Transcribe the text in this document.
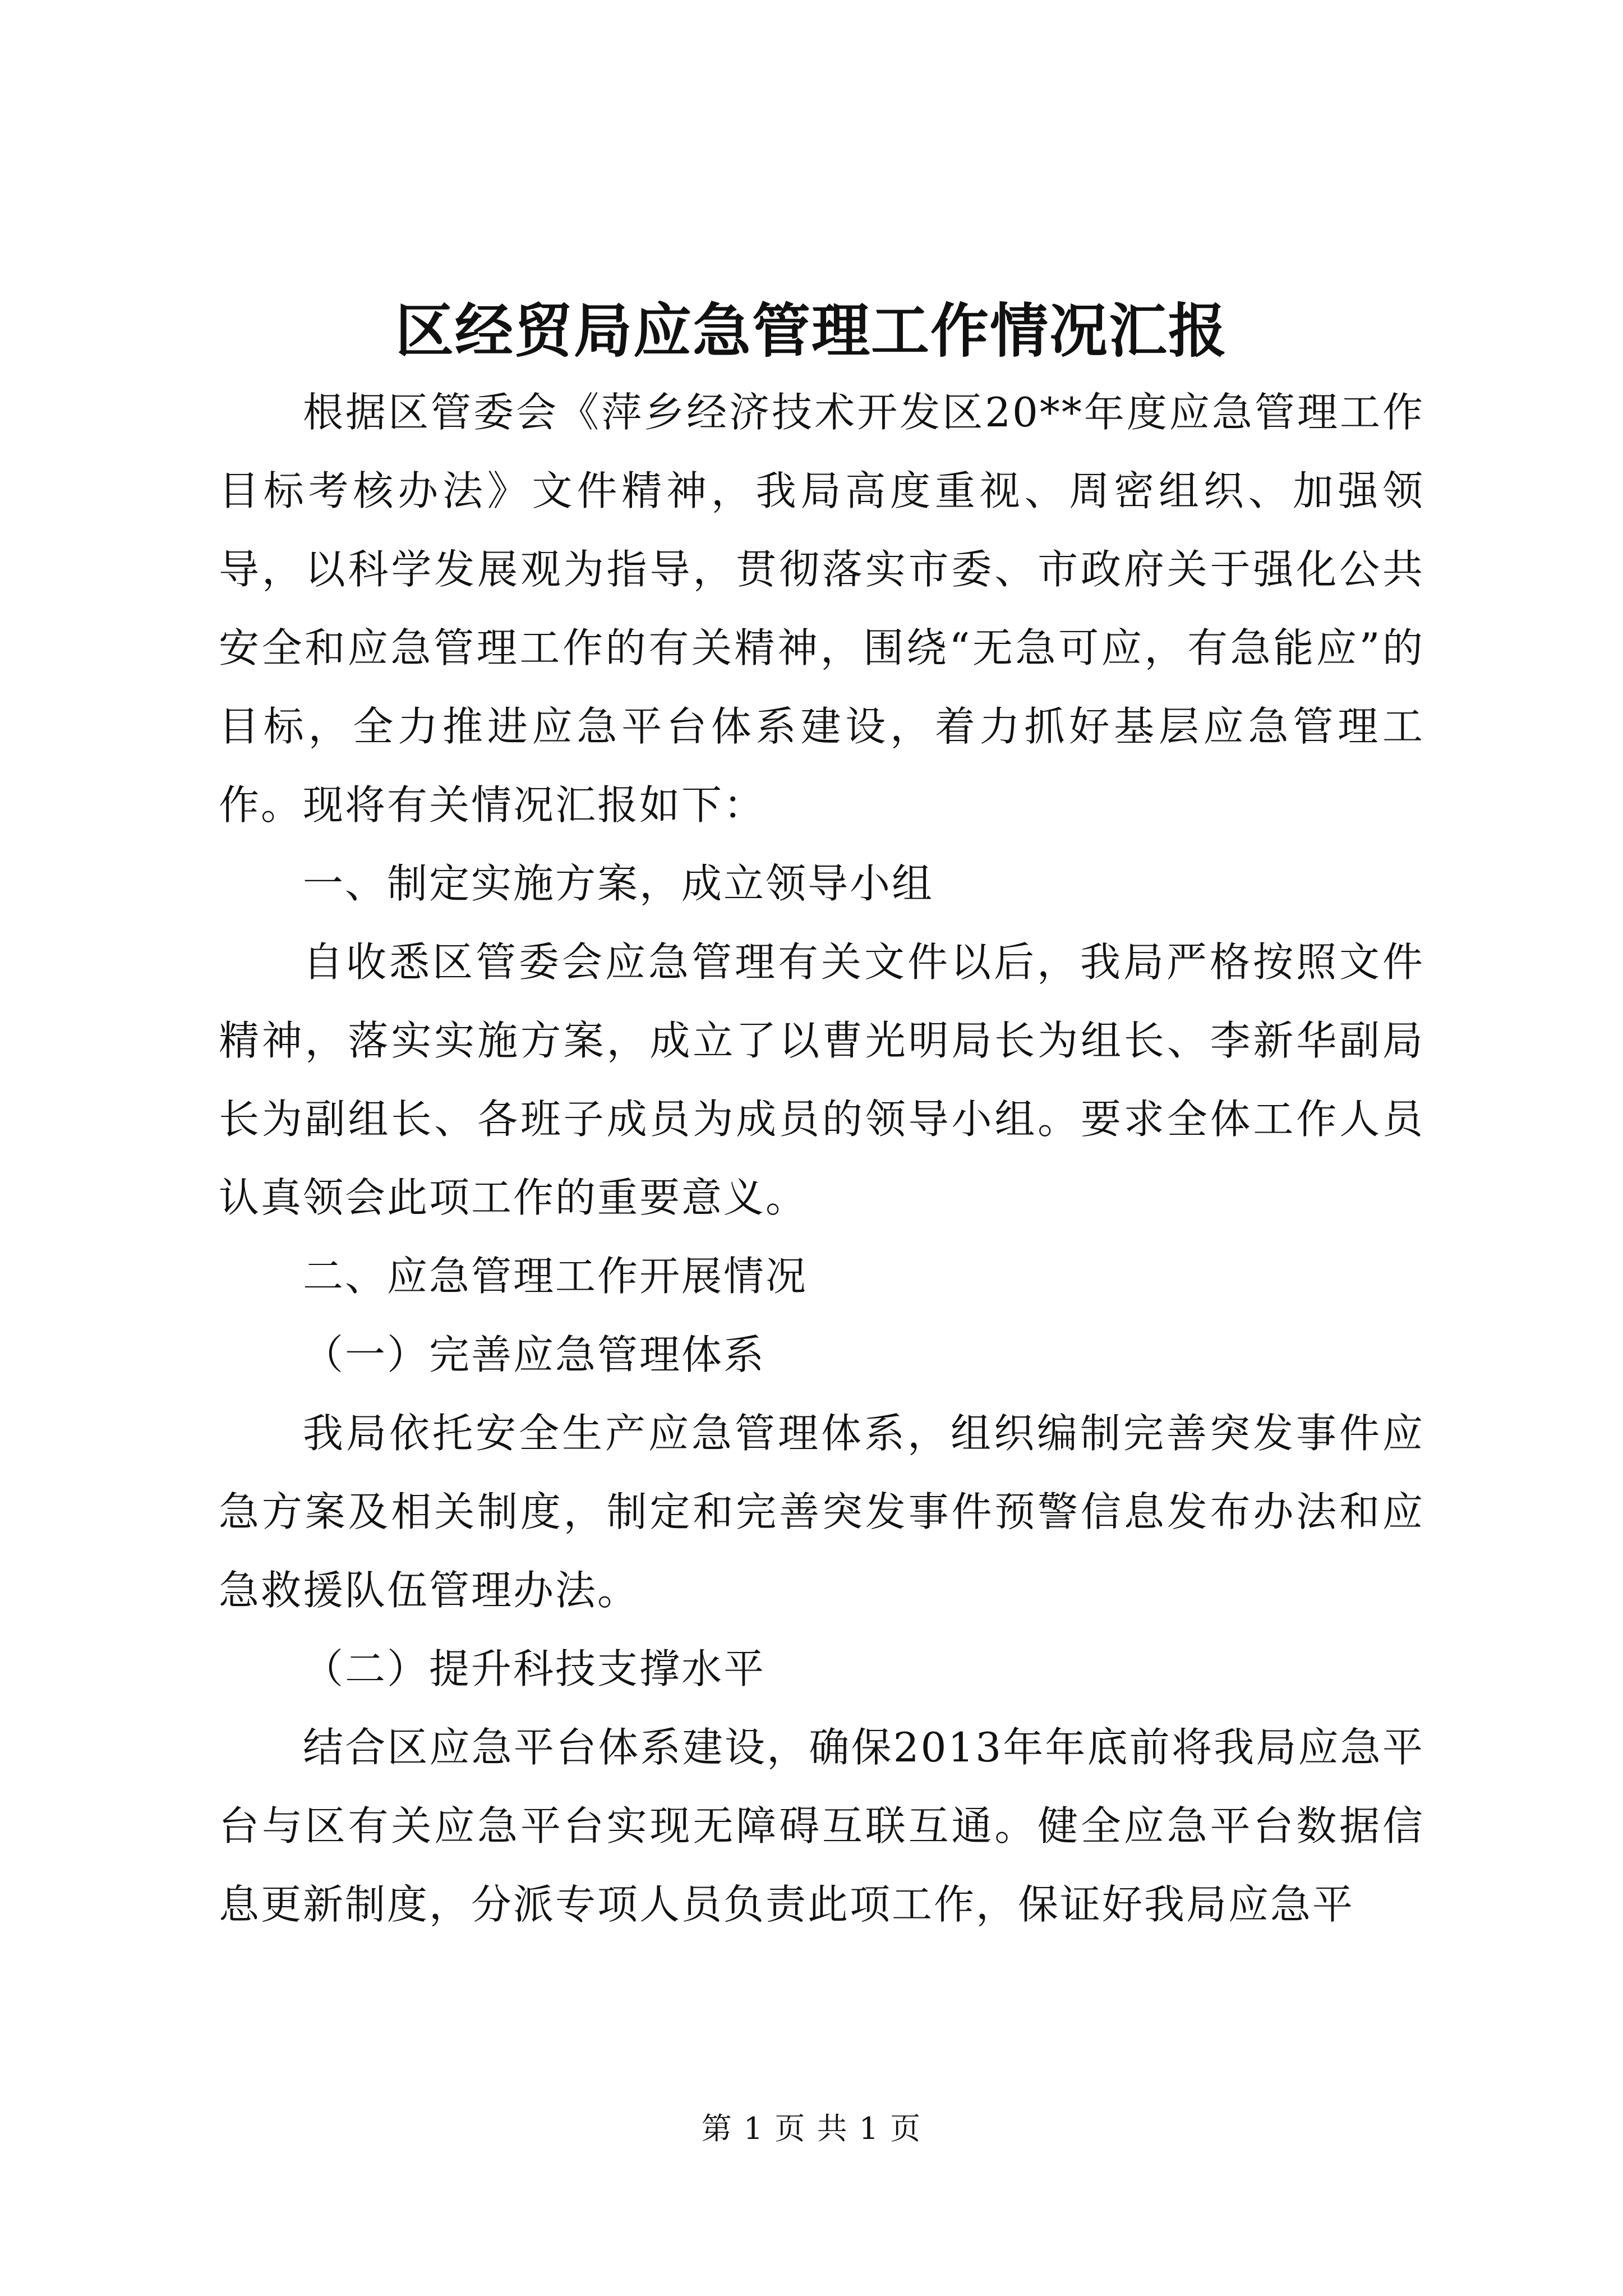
区经贸局应急管理工作情况汇报

根据区管委会《萍乡经济技术开发区20**年度应急管理工作目标考核办法》文件精神，我局高度重视、周密组织、加强领导，以科学发展观为指导，贯彻落实市委、市政府关于强化公共安全和应急管理工作的有关精神，围绕“无急可应，有急能应”的目标，全力推进应急平台体系建设，着力抓好基层应急管理工作。现将有关情况汇报如下：

一、制定实施方案，成立领导小组

自收悉区管委会应急管理有关文件以后，我局严格按照文件精神，落实实施方案，成立了以曹光明局长为组长、李新华副局长为副组长、各班子成员为成员的领导小组。要求全体工作人员认真领会此项工作的重要意义。

二、应急管理工作开展情况

（一）完善应急管理体系

我局依托安全生产应急管理体系，组织编制完善突发事件应急方案及相关制度，制定和完善突发事件预警信息发布办法和应急救援队伍管理办法。

（二）提升科技支撑水平

结合区应急平台体系建设，确保2013年年底前将我局应急平台与区有关应急平台实现无障碍互联互通。健全应急平台数据信息更新制度，分派专项人员负责此项工作，保证好我局应急平

第 1 页 共 1 页
